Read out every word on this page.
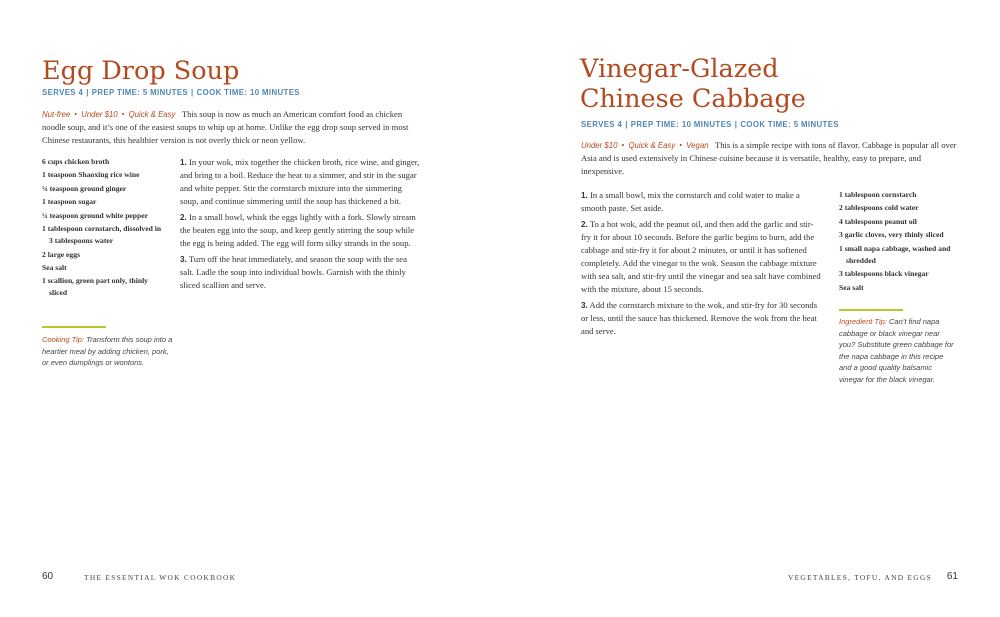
Egg Drop Soup
SERVES 4 | PREP TIME: 5 MINUTES | COOK TIME: 10 MINUTES

Nut-free • Under $10 • Quick & Easy This soup is now as much an American comfort food as chicken noodle soup, and it’s one of the easiest soups to whip up at home. Unlike the egg drop soup served in most Chinese restaurants, this healthier version is not overly thick or neon yellow.

6 cups chicken broth
1 teaspoon Shaoxing rice wine
¼ teaspoon ground ginger
1 teaspoon sugar
¼ teaspoon ground white pepper
1 tablespoon cornstarch, dissolved in 3 tablespoons water
2 large eggs
Sea salt
1 scallion, green part only, thinly sliced

1. In your wok, mix together the chicken broth, rice wine, and ginger, and bring to a boil. Reduce the heat to a simmer, and stir in the sugar and white pepper. Stir the cornstarch mixture into the simmering soup, and continue simmering until the soup has thickened a bit.

2. In a small bowl, whisk the eggs lightly with a fork. Slowly stream the beaten egg into the soup, and keep gently stirring the soup while the egg is being added. The egg will form silky strands in the soup.

3. Turn off the heat immediately, and season the soup with the sea salt. Ladle the soup into individual bowls. Garnish with the thinly sliced scallion and serve.

Cooking Tip: Transform this soup into a heartier meal by adding chicken, pork, or even dumplings or wontons.

60	THE ESSENTIAL WOK COOKBOOK
Vinegar-Glazed
Chinese Cabbage
SERVES 4 | PREP TIME: 10 MINUTES | COOK TIME: 5 MINUTES

Under $10 • Quick & Easy • Vegan This is a simple recipe with tons of flavor. Cabbage is popular all over Asia and is used extensively in Chinese cuisine because it is versatile, healthy, easy to prepare, and inexpensive.

1. In a small bowl, mix the cornstarch and cold water to make a smooth paste. Set aside.

2. To a hot wok, add the peanut oil, and then add the garlic and stir-fry it for about 10 seconds. Before the garlic begins to burn, add the cabbage and stir-fry it for about 2 minutes, or until it has softened completely. Add the vinegar to the wok. Season the cabbage mixture with sea salt, and stir-fry until the vinegar and sea salt have combined with the mixture, about 15 seconds.

3. Add the cornstarch mixture to the wok, and stir-fry for 30 seconds or less, until the sauce has thickened. Remove the wok from the heat and serve.

1 tablespoon cornstarch
2 tablespoons cold water
4 tablespoons peanut oil
3 garlic cloves, very thinly sliced
1 small napa cabbage, washed and shredded
3 tablespoons black vinegar
Sea salt

Ingredient Tip: Can’t find napa cabbage or black vinegar near you? Substitute green cabbage for the napa cabbage in this recipe and a good quality balsamic vinegar for the black vinegar.

VEGETABLES, TOFU, AND EGGS 61
